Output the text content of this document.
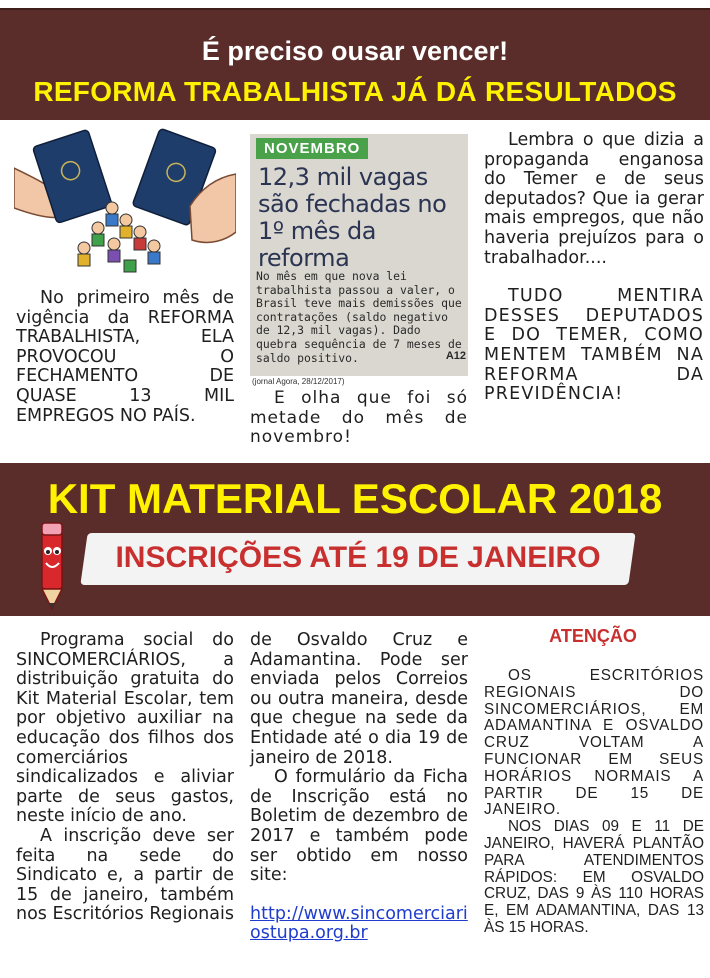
É preciso ousar vencer!
REFORMA TRABALHISTA JÁ DÁ RESULTADOS
No primeiro mês de vigência da REFORMA TRABALHISTA, ELA PROVOCOU O FECHAMENTO DE QUASE 13 MIL EMPREGOS NO PAÍS.
NOVEMBRO
12,3 mil vagas são fechadas no 1º mês da reforma
No mês em que nova lei trabalhista passou a valer, o Brasil teve mais demissões que contratações (saldo negativo de 12,3 mil vagas). Dado quebra sequência de 7 meses de saldo positivo.	A12
(jornal Agora, 28/12/2017)
E olha que foi só metade do mês de novembro!

Lembra o que dizia a propaganda enganosa do Temer e de seus deputados? Que ia gerar mais empregos, que não haveria prejuízos para o trabalhador....

TUDO MENTIRA DESSES DEPUTADOS E DO TEMER, COMO MENTEM TAMBÉM NA REFORMA DA PREVIDÊNCIA!

KIT MATERIAL ESCOLAR 2018
INSCRIÇÕES ATÉ 19 DE JANEIRO

Programa social do SINCOMERCIÁRIOS, a distribuição gratuita do Kit Material Escolar, tem por objetivo auxiliar na educação dos filhos dos comerciários sindicalizados e aliviar parte de seus gastos, neste início de ano.

A inscrição deve ser feita na sede do Sindicato e, a partir de 15 de janeiro, também nos Escritórios Regionais

de Osvaldo Cruz e Adamantina. Pode ser enviada pelos Correios ou outra maneira, desde que chegue na sede da Entidade até o dia 19 de janeiro de 2018.

O formulário da Ficha de Inscrição está no Boletim de dezembro de 2017 e também pode ser obtido em nosso site:

http://www.sincomerciariostupa.org.br

ATENÇÃO

OS ESCRITÓRIOS REGIONAIS DO SINCOMERCIÁRIOS, EM ADAMANTINA E OSVALDO CRUZ VOLTAM A FUNCIONAR EM SEUS HORÁRIOS NORMAIS A PARTIR DE 15 DE JANEIRO.

NOS DIAS 09 E 11 DE JANEIRO, HAVERÁ PLANTÃO PARA ATENDIMENTOS RÁPIDOS: EM OSVALDO CRUZ, DAS 9 ÀS 110 HORAS E, EM ADAMANTINA, DAS 13 ÀS 15 HORAS.
